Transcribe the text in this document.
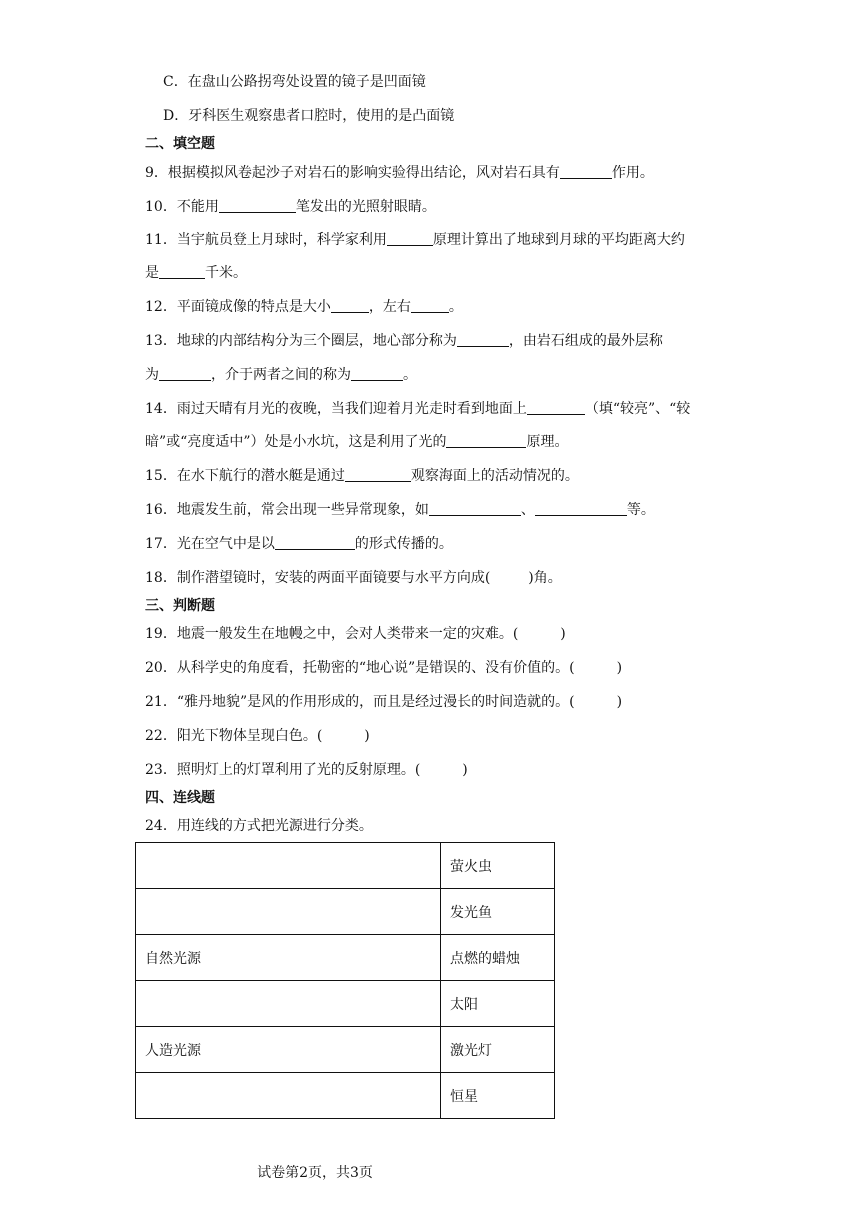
C．在盘山公路拐弯处设置的镜子是凹面镜
D．牙科医生观察患者口腔时，使用的是凸面镜
二、填空题
9．根据模拟风卷起沙子对岩石的影响实验得出结论，风对岩石具有	作用。
10．不能用	笔发出的光照射眼睛。
11．当宇航员登上月球时，科学家利用	原理计算出了地球到月球的平均距离大约
是	千米。
12．平面镜成像的特点是大小	，左右	。
13．地球的内部结构分为三个圈层，地心部分称为	，由岩石组成的最外层称
为	，介于两者之间的称为	。
14．雨过天晴有月光的夜晚，当我们迎着月光走时看到地面上	（填“较亮”、“较
暗”或“亮度适中”）处是小水坑，这是利用了光的	原理。
15．在水下航行的潜水艇是通过	观察海面上的活动情况的。
16．地震发生前，常会出现一些异常现象，如	、	等。
17．光在空气中是以	的形式传播的。
18．制作潜望镜时，安装的两面平面镜要与水平方向成(	)角。
三、判断题
19．地震一般发生在地幔之中，会对人类带来一定的灾难。(	)
20．从科学史的角度看，托勒密的“地心说”是错误的、没有价值的。(	)
21．“雅丹地貌”是风的作用形成的，而且是经过漫长的时间造就的。(	)
22．阳光下物体呈现白色。(	)
23．照明灯上的灯罩利用了光的反射原理。(	)
四、连线题
24．用连线的方式把光源进行分类。
	萤火虫
	发光鱼
自然光源	点燃的蜡烛
	太阳
人造光源	激光灯
	恒星
试卷第2页，共3页
